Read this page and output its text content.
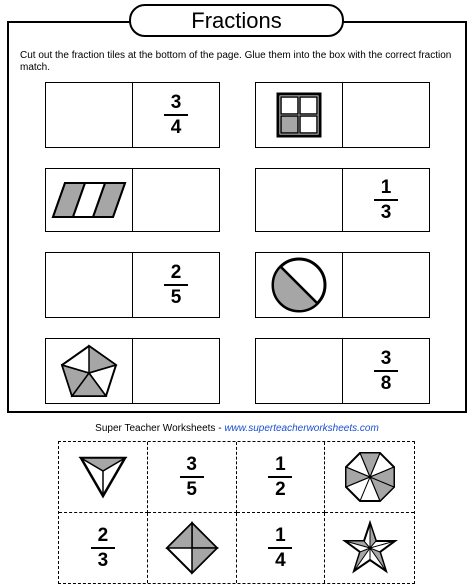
Fractions
Cut out the fraction tiles at the bottom of the page. Glue them into the box with the correct fraction match.
$\frac{3}{4}$
$\frac{1}{3}$
$\frac{2}{5}$
$\frac{3}{8}$
Super Teacher Worksheets - www.superteacherworksheets.com
$\frac{3}{5}$	$\frac{1}{2}$
$\frac{2}{3}$	$\frac{1}{4}$
